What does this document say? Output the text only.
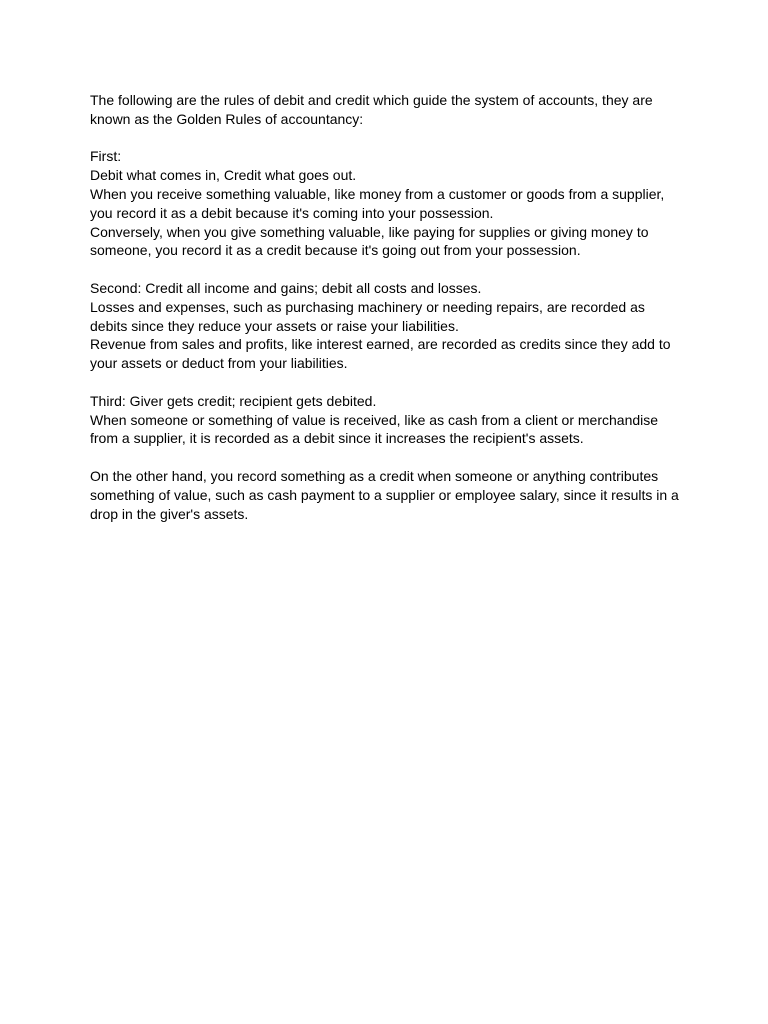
The following are the rules of debit and credit which guide the system of accounts, they are
known as the Golden Rules of accountancy:
First:
Debit what comes in, Credit what goes out.
When you receive something valuable, like money from a customer or goods from a supplier,
you record it as a debit because it's coming into your possession.
Conversely, when you give something valuable, like paying for supplies or giving money to
someone, you record it as a credit because it's going out from your possession.
Second: Credit all income and gains; debit all costs and losses.
Losses and expenses, such as purchasing machinery or needing repairs, are recorded as
debits since they reduce your assets or raise your liabilities.
Revenue from sales and profits, like interest earned, are recorded as credits since they add to
your assets or deduct from your liabilities.
Third: Giver gets credit; recipient gets debited.
When someone or something of value is received, like as cash from a client or merchandise
from a supplier, it is recorded as a debit since it increases the recipient's assets.
On the other hand, you record something as a credit when someone or anything contributes
something of value, such as cash payment to a supplier or employee salary, since it results in a
drop in the giver's assets.
